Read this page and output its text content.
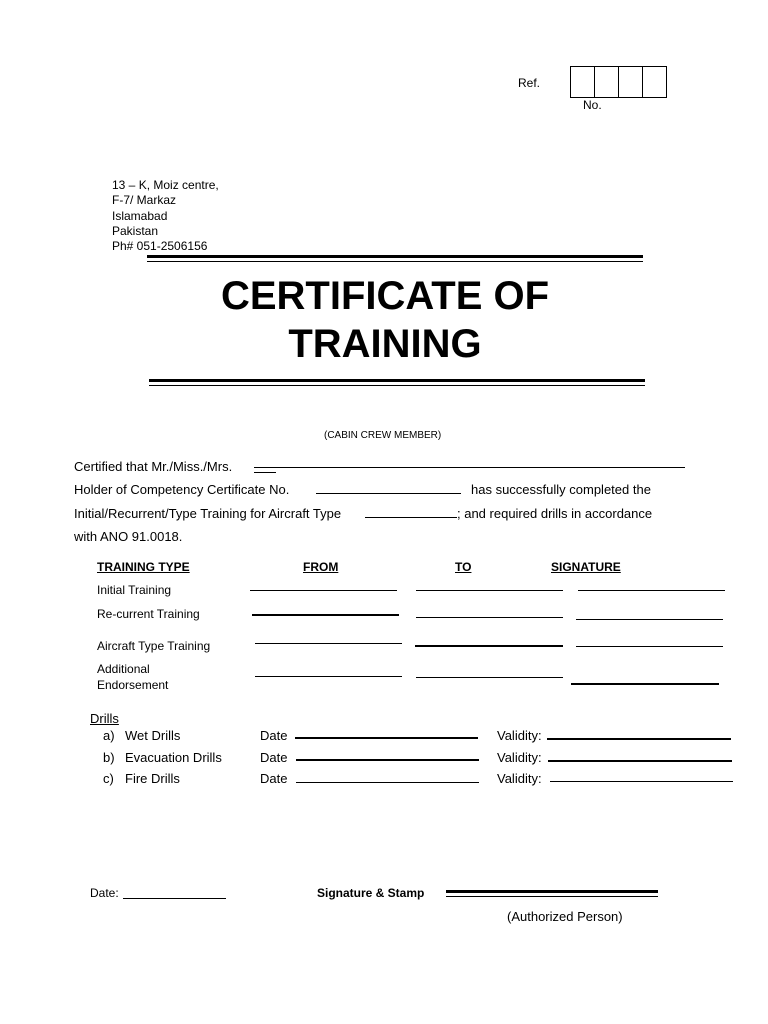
Ref.
No.
13 – K, Moiz centre,
F-7/ Markaz
Islamabad
Pakistan
Ph# 051-2506156
CERTIFICATE OF
TRAINING
(CABIN CREW MEMBER)
Certified that Mr./Miss./Mrs.
Holder of Competency Certificate No.	has successfully completed the
Initial/Recurrent/Type Training for Aircraft Type	; and required drills in accordance
with ANO 91.0018.
TRAINING TYPE	FROM	TO	SIGNATURE
Initial Training
Re-current Training
Aircraft Type Training
Additional
Endorsement
Drills
a) Wet Drills	Date	Validity:
b) Evacuation Drills	Date	Validity:
c) Fire Drills	Date	Validity:
Date:	Signature & Stamp
(Authorized Person)
